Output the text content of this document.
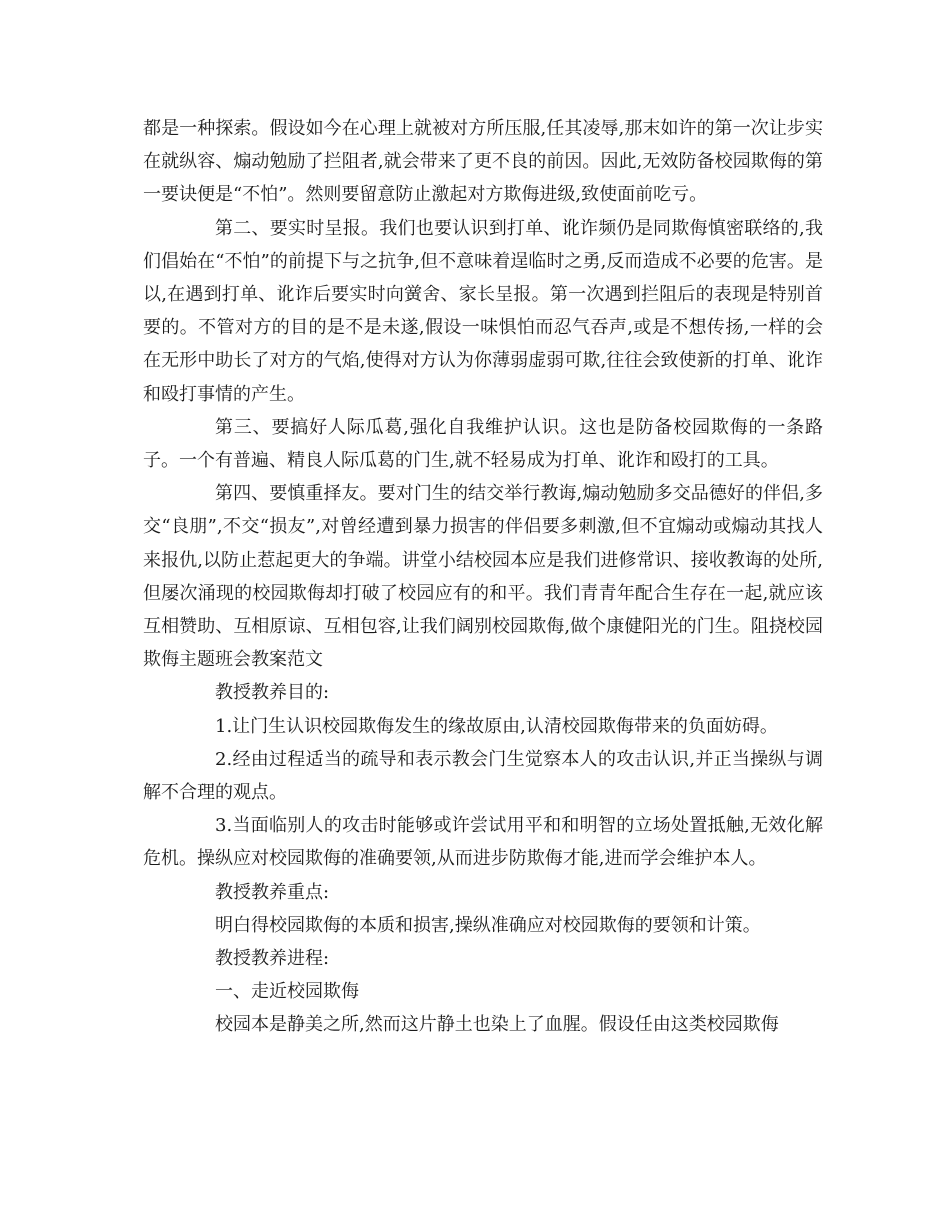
都是一种探索。假设如今在心理上就被对方所压服,任其凌辱,那末如许的第一次让步实在就纵容、煽动勉励了拦阻者,就会带来了更不良的前因。因此,无效防备校园欺侮的第一要诀便是“不怕”。然则要留意防止激起对方欺侮进级,致使面前吃亏。

第二、要实时呈报。我们也要认识到打单、讹诈频仍是同欺侮慎密联络的,我们倡始在“不怕”的前提下与之抗争,但不意味着逞临时之勇,反而造成不必要的危害。是以,在遇到打单、讹诈后要实时向黉舍、家长呈报。第一次遇到拦阻后的表现是特别首要的。不管对方的目的是不是未遂,假设一味惧怕而忍气吞声,或是不想传扬,一样的会在无形中助长了对方的气焰,使得对方认为你薄弱虚弱可欺,往往会致使新的打单、讹诈和殴打事情的产生。

第三、要搞好人际瓜葛,强化自我维护认识。这也是防备校园欺侮的一条路子。一个有普遍、精良人际瓜葛的门生,就不轻易成为打单、讹诈和殴打的工具。

第四、要慎重择友。要对门生的结交举行教诲,煽动勉励多交品德好的伴侣,多交“良朋”,不交“损友”,对曾经遭到暴力损害的伴侣要多刺激,但不宜煽动或煽动其找人来报仇,以防止惹起更大的争端。讲堂小结校园本应是我们进修常识、接收教诲的处所,但屡次涌现的校园欺侮却打破了校园应有的和平。我们青青年配合生存在一起,就应该互相赞助、互相原谅、互相包容,让我们阔别校园欺侮,做个康健阳光的门生。阻挠校园欺侮主题班会教案范文

教授教养目的:

1.让门生认识校园欺侮发生的缘故原由,认清校园欺侮带来的负面妨碍。

2.经由过程适当的疏导和表示教会门生觉察本人的攻击认识,并正当操纵与调解不合理的观点。

3.当面临别人的攻击时能够或许尝试用平和和明智的立场处置抵触,无效化解危机。操纵应对校园欺侮的准确要领,从而进步防欺侮才能,进而学会维护本人。

教授教养重点:

明白得校园欺侮的本质和损害,操纵准确应对校园欺侮的要领和计策。

教授教养进程:

一、走近校园欺侮

校园本是静美之所,然而这片静土也染上了血腥。假设任由这类校园欺侮
